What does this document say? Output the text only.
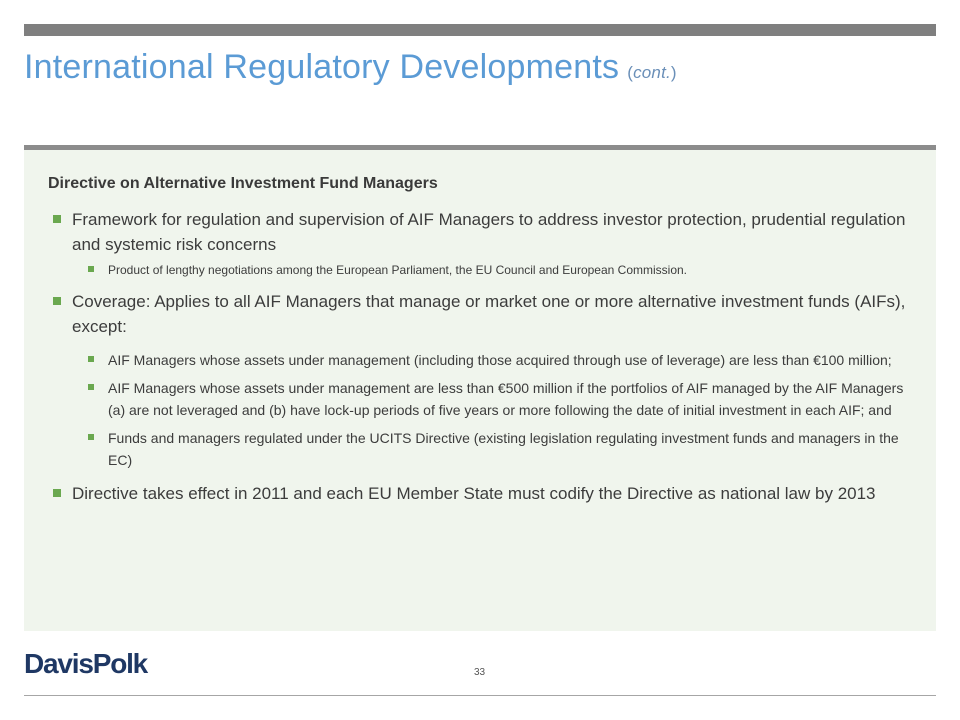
International Regulatory Developments (cont.)
Directive on Alternative Investment Fund Managers
Framework for regulation and supervision of AIF Managers to address investor protection, prudential regulation and systemic risk concerns
Product of lengthy negotiations among the European Parliament, the EU Council and European Commission.
Coverage: Applies to all AIF Managers that manage or market one or more alternative investment funds (AIFs), except:
AIF Managers whose assets under management (including those acquired through use of leverage) are less than €100 million;
AIF Managers whose assets under management are less than €500 million if the portfolios of AIF managed by the AIF Managers (a) are not leveraged and (b) have lock-up periods of five years or more following the date of initial investment in each AIF; and
Funds and managers regulated under the UCITS Directive (existing legislation regulating investment funds and managers in the EC)
Directive takes effect in 2011 and each EU Member State must codify the Directive as national law by 2013
DavisPolk	33
